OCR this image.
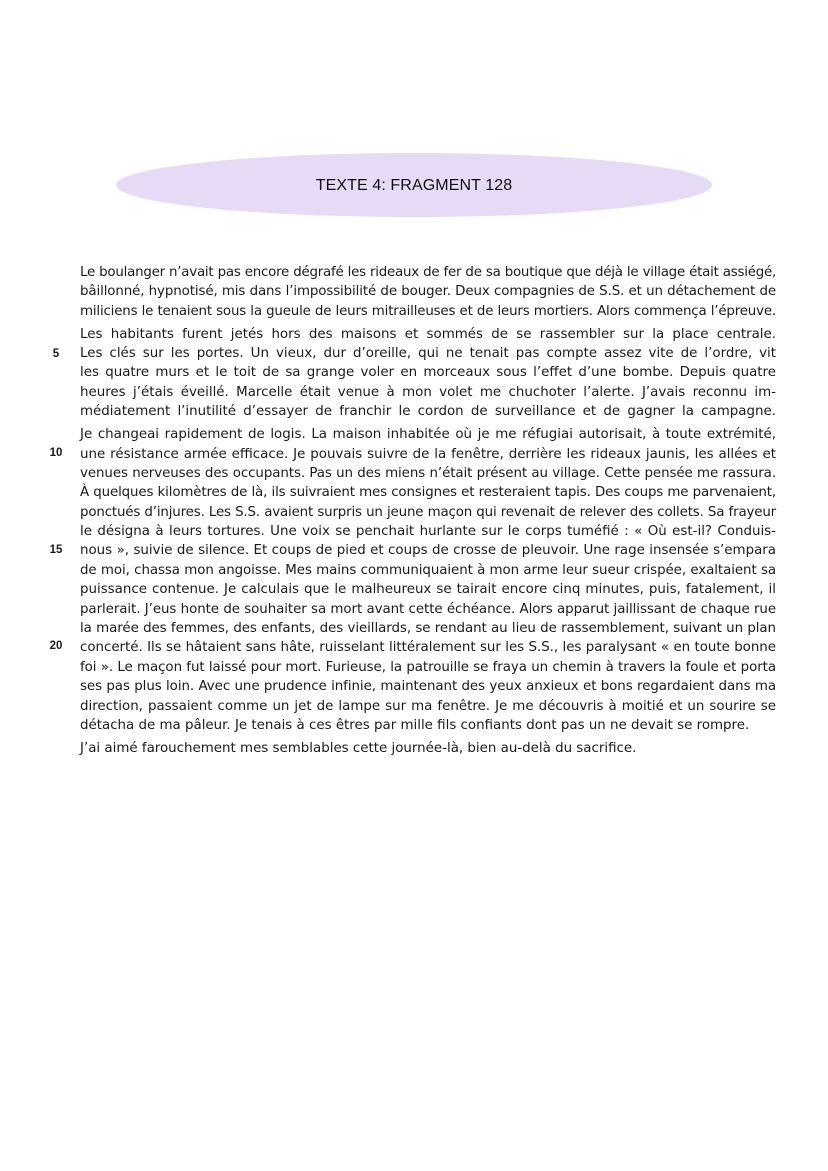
TEXTE 4: FRAGMENT 128
5
10
15
20
Le boulanger n’avait pas encore dégrafé les rideaux de fer de sa boutique que déjà le village était assiégé,
bâillonné, hypnotisé, mis dans l’impossibilité de bouger. Deux compagnies de S.S. et un détachement de
miliciens le tenaient sous la gueule de leurs mitrailleuses et de leurs mortiers. Alors commença l’épreuve.
Les habitants furent jetés hors des maisons et sommés de se rassembler sur la place centrale.
Les clés sur les portes. Un vieux, dur d’oreille, qui ne tenait pas compte assez vite de l’ordre, vit
les quatre murs et le toit de sa grange voler en morceaux sous l’effet d’une bombe. Depuis quatre
heures j’étais éveillé. Marcelle était venue à mon volet me chuchoter l’alerte. J’avais reconnu im-
médiatement l’inutilité d’essayer de franchir le cordon de surveillance et de gagner la campagne.
Je changeai rapidement de logis. La maison inhabitée où je me réfugiai autorisait, à toute extrémité,
une résistance armée efficace. Je pouvais suivre de la fenêtre, derrière les rideaux jaunis, les allées et
venues nerveuses des occupants. Pas un des miens n’était présent au village. Cette pensée me rassura.
À quelques kilomètres de là, ils suivraient mes consignes et resteraient tapis. Des coups me parvenaient,
ponctués d’injures. Les S.S. avaient surpris un jeune maçon qui revenait de relever des collets. Sa frayeur
le désigna à leurs tortures. Une voix se penchait hurlante sur le corps tuméfié : « Où est-il? Conduis-
nous », suivie de silence. Et coups de pied et coups de crosse de pleuvoir. Une rage insensée s’empara
de moi, chassa mon angoisse. Mes mains communiquaient à mon arme leur sueur crispée, exaltaient sa
puissance contenue. Je calculais que le malheureux se tairait encore cinq minutes, puis, fatalement, il
parlerait. J’eus honte de souhaiter sa mort avant cette échéance. Alors apparut jaillissant de chaque rue
la marée des femmes, des enfants, des vieillards, se rendant au lieu de rassemblement, suivant un plan
concerté. Ils se hâtaient sans hâte, ruisselant littéralement sur les S.S., les paralysant « en toute bonne
foi ». Le maçon fut laissé pour mort. Furieuse, la patrouille se fraya un chemin à travers la foule et porta
ses pas plus loin. Avec une prudence infinie, maintenant des yeux anxieux et bons regardaient dans ma
direction, passaient comme un jet de lampe sur ma fenêtre. Je me découvris à moitié et un sourire se
détacha de ma pâleur. Je tenais à ces êtres par mille fils confiants dont pas un ne devait se rompre.
J’ai aimé farouchement mes semblables cette journée-là, bien au-delà du sacrifice.
